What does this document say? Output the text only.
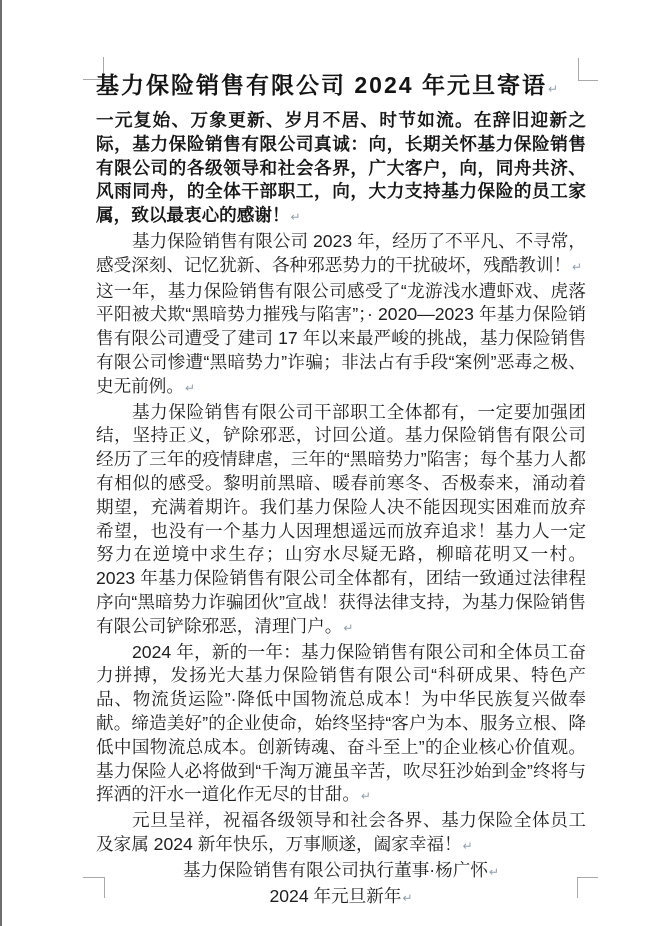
基力保险销售有限公司 2024 年元旦寄语↵

一元复始、万象更新、岁月不居、时节如流。在辞旧迎新之际，基力保险销售有限公司真诚：向，长期关怀基力保险销售有限公司的各级领导和社会各界，广大客户，向，同舟共济、风雨同舟，的全体干部职工，向，大力支持基力保险的员工家属，致以最衷心的感谢！↵

基力保险销售有限公司 2023 年，经历了不平凡、不寻常，感受深刻、记忆犹新、各种邪恶势力的干扰破坏，残酷教训！↵

这一年，基力保险销售有限公司感受了“龙游浅水遭虾戏、虎落平阳被犬欺“黑暗势力摧残与陷害”；· 2020—2023 年基力保险销售有限公司遭受了建司 17 年以来最严峻的挑战，基力保险销售有限公司惨遭“黑暗势力”诈骗；非法占有手段“案例”恶毒之极、史无前例。↵

基力保险销售有限公司干部职工全体都有，一定要加强团结，坚持正义，铲除邪恶，讨回公道。基力保险销售有限公司经历了三年的疫情肆虐，三年的“黑暗势力”陷害；每个基力人都有相似的感受。黎明前黑暗、暖春前寒冬、否极泰来，涌动着期望，充满着期许。我们基力保险人决不能因现实困难而放弃希望，也没有一个基力人因理想遥远而放弃追求！基力人一定努力在逆境中求生存；山穷水尽疑无路，柳暗花明又一村。2023 年基力保险销售有限公司全体都有，团结一致通过法律程序向“黑暗势力诈骗团伙”宣战！获得法律支持，为基力保险销售有限公司铲除邪恶，清理门户。↵

2024 年，新的一年：基力保险销售有限公司和全体员工奋力拼搏，发扬光大基力保险销售有限公司“科研成果、特色产品、物流货运险”·降低中国物流总成本！为中华民族复兴做奉献。缔造美好”的企业使命，始终坚持“客户为本、服务立根、降低中国物流总成本。创新铸魂、奋斗至上”的企业核心价值观。基力保险人必将做到“千淘万漉虽辛苦，吹尽狂沙始到金”终将与挥洒的汗水一道化作无尽的甘甜。↵

元旦呈祥，祝福各级领导和社会各界、基力保险全体员工及家属 2024 新年快乐，万事顺遂，阖家幸福！↵

基力保险销售有限公司执行董事·杨广怀↵

2024 年元旦新年↵
